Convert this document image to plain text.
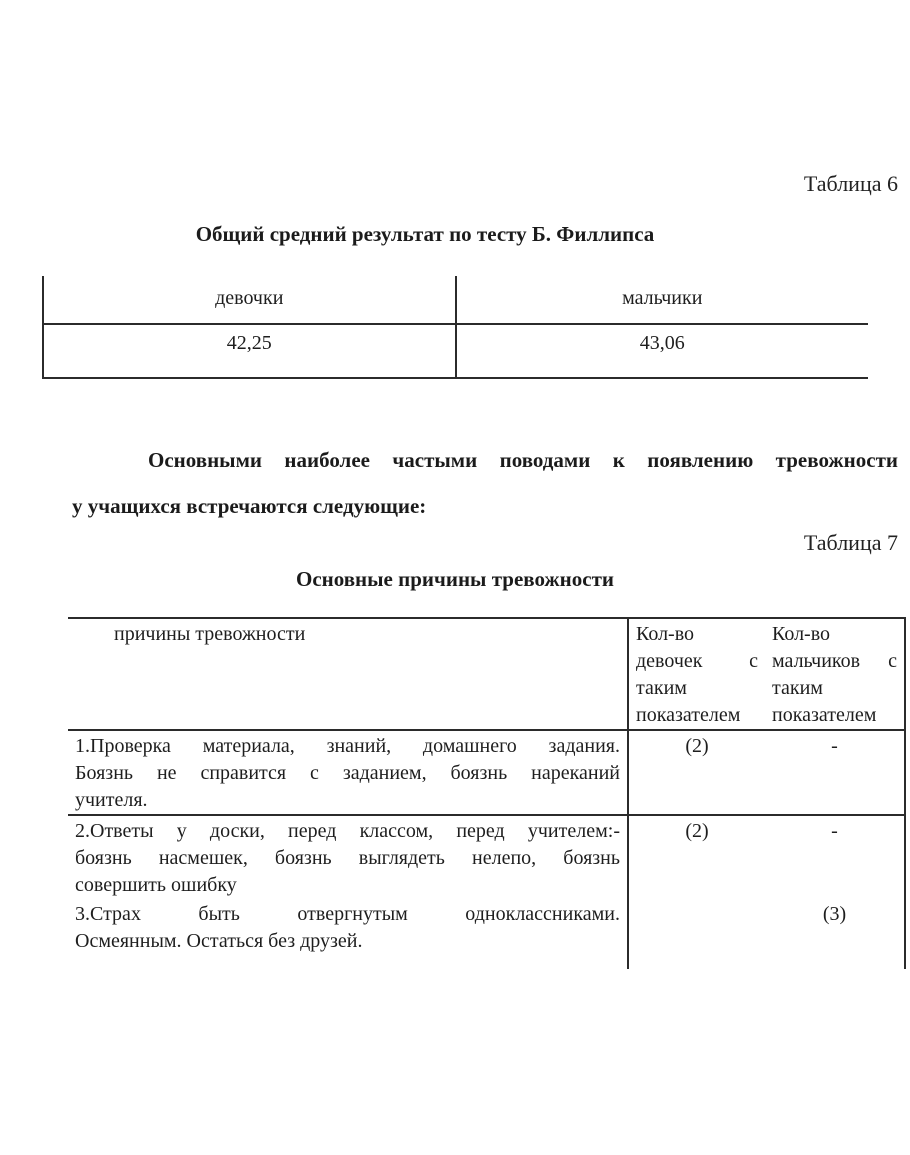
Таблица 6
Общий средний результат по тесту Б. Филлипса
девочки	мальчики
42,25	43,06
Основными наиболее частыми поводами к появлению тревожности
у учащихся встречаются следующие:
Таблица 7
Основные причины тревожности
причины тревожности	Кол-во девочек с таким показателем	Кол-во мальчиков с таким показателем

1.Проверка материала, знаний, домашнего задания.
Боязнь не справится с заданием, боязнь нареканий
учителя.	(2)	-

2.Ответы у доски, перед классом, перед учителем:-
боязнь насмешек, боязнь выглядеть нелепо, боязнь
совершить ошибку	(2)	-

3.Страх быть отвергнутым одноклассниками.
Осмеянным. Остаться без друзей.		(3)
